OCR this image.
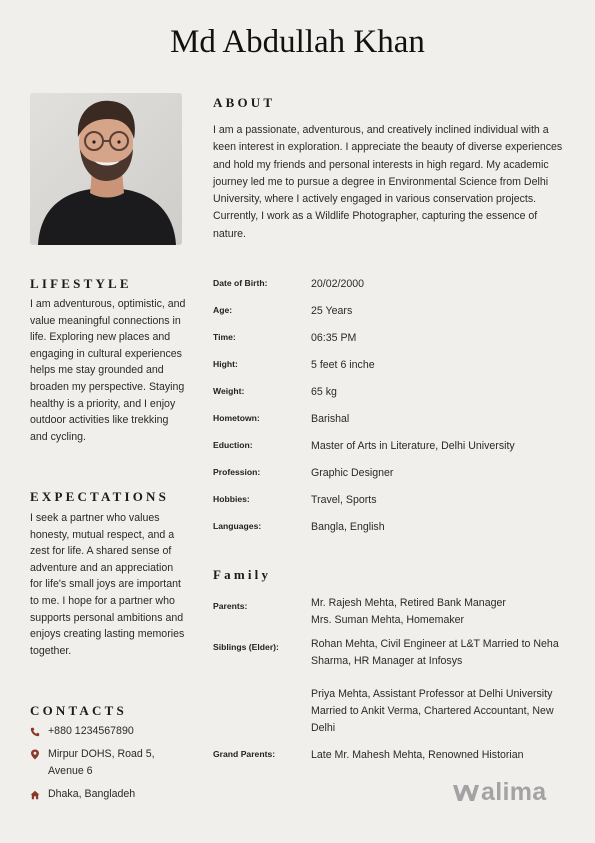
Md Abdullah Khan
ABOUT
I am a passionate, adventurous, and creatively inclined individual with a keen interest in exploration. I appreciate the beauty of diverse experiences and hold my friends and personal interests in high regard. My academic journey led me to pursue a degree in Environmental Science from Delhi University, where I actively engaged in various conservation projects. Currently, I work as a Wildlife Photographer, capturing the essence of nature.
LIFESTYLE
I am adventurous, optimistic, and value meaningful connections in life. Exploring new places and engaging in cultural experiences helps me stay grounded and broaden my perspective. Staying healthy is a priority, and I enjoy outdoor activities like trekking and cycling.
EXPECTATIONS
I seek a partner who values honesty, mutual respect, and a zest for life. A shared sense of adventure and an appreciation for life's small joys are important to me. I hope for a partner who supports personal ambitions and enjoys creating lasting memories together.
CONTACTS
+880 1234567890
Mirpur DOHS, Road 5, Avenue 6
Dhaka, Bangladeh
Date of Birth:	20/02/2000
Age:	25 Years
Time:	06:35 PM
Hight:	5 feet 6 inche
Weight:	65 kg
Hometown:	Barishal
Eduction:	Master of Arts in Literature, Delhi University
Profession:	Graphic Designer
Hobbies:	Travel, Sports
Languages:	Bangla, English
Family
Parents:	Mr. Rajesh Mehta, Retired Bank Manager
Mrs. Suman Mehta, Homemaker
Siblings (Elder):	Rohan Mehta, Civil Engineer at L&T Married to Neha Sharma, HR Manager at Infosys
Priya Mehta, Assistant Professor at Delhi University Married to Ankit Verma, Chartered Accountant, New Delhi
Grand Parents:	Late Mr. Mahesh Mehta, Renowned Historian
alima
